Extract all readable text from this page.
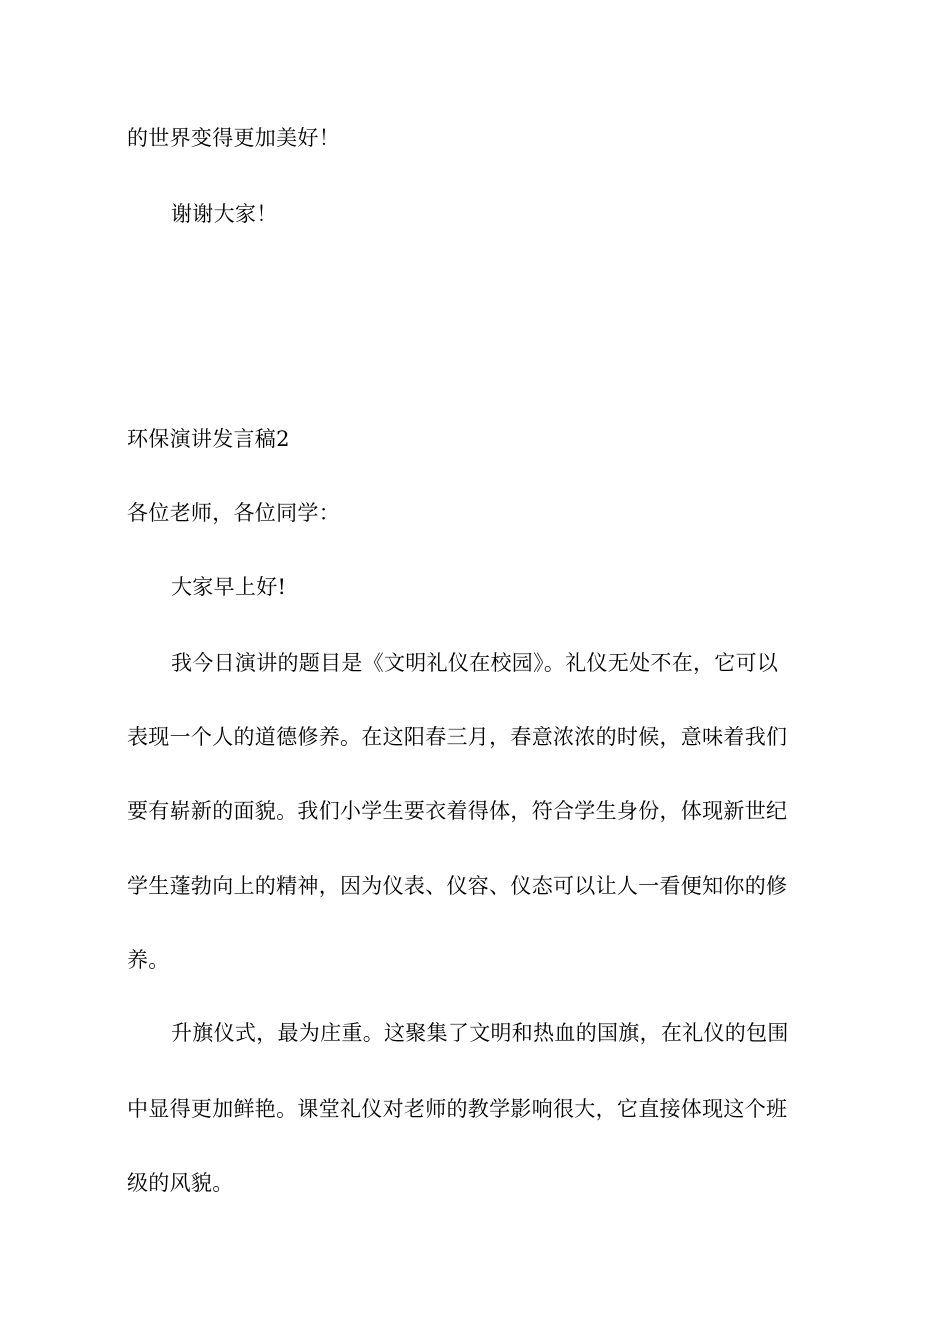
的世界变得更加美好！
谢谢大家！
环保演讲发言稿2
各位老师，各位同学：
大家早上好!
我今日演讲的题目是《文明礼仪在校园》。礼仪无处不在，它可以
表现一个人的道德修养。在这阳春三月，春意浓浓的时候，意味着我们
要有崭新的面貌。我们小学生要衣着得体，符合学生身份，体现新世纪
学生蓬勃向上的精神，因为仪表、仪容、仪态可以让人一看便知你的修
养。
升旗仪式，最为庄重。这聚集了文明和热血的国旗，在礼仪的包围
中显得更加鲜艳。课堂礼仪对老师的教学影响很大，它直接体现这个班
级的风貌。
